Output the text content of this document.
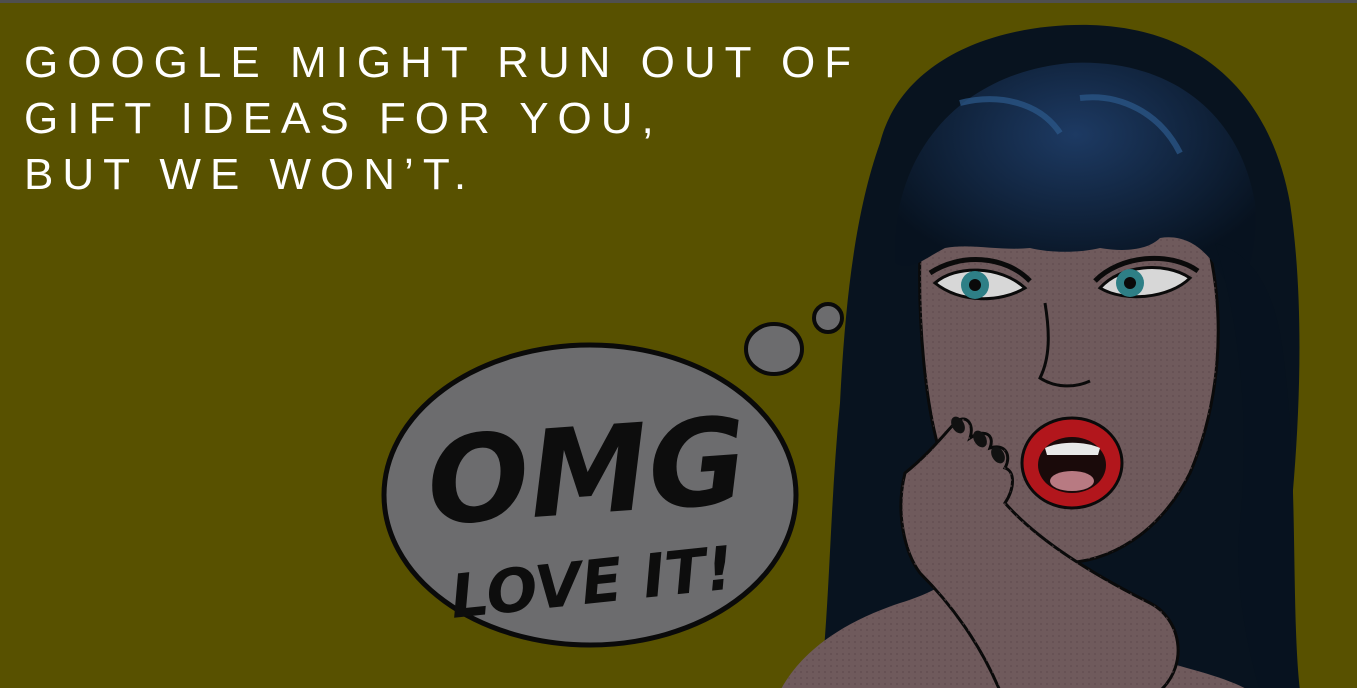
OMG
LOVE IT!
GOOGLE MIGHT RUN OUT OF
GIFT IDEAS FOR YOU,
BUT WE WON’T.
